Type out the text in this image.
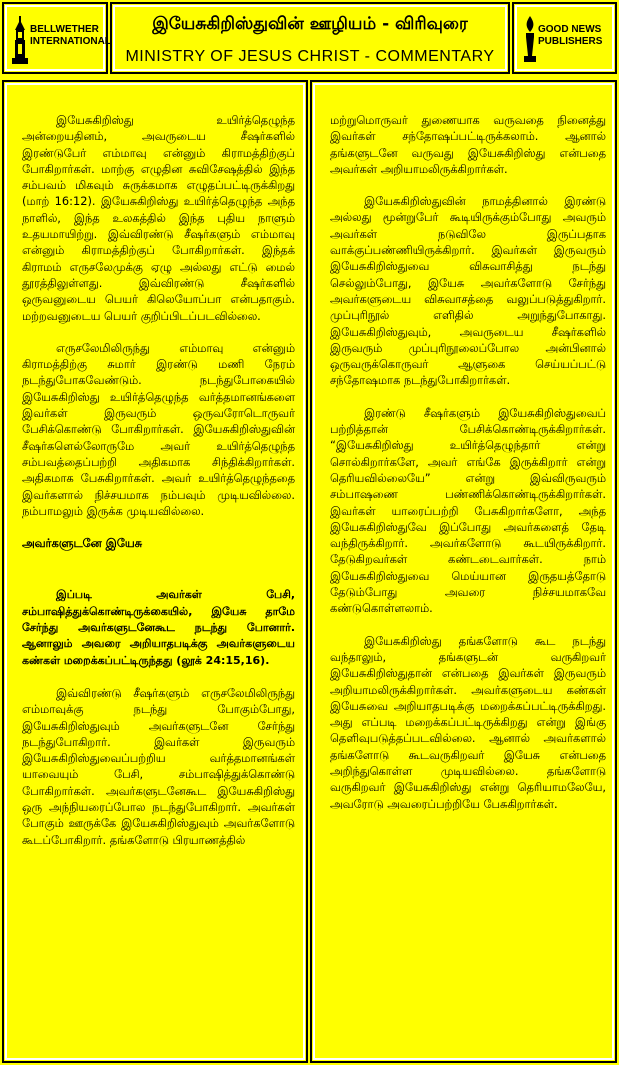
BELLWETHER
INTERNATIONAL
இயேசுகிறிஸ்துவின் ஊழியம் - விரிவுரை
MINISTRY OF JESUS CHRIST - COMMENTARY
GOOD NEWS
PUBLISHERS

இயேசுகிறிஸ்து உயிர்த்தெழுந்த அன்றையதினம், அவருடைய சீஷர்களில் இரண்டுபேர் எம்மாவு என்னும் கிராமத்திற்குப் போகிறார்கள். மாற்கு எழுதின சுவிசேஷத்தில் இந்த சம்பவம் மிகவும் சுருக்கமாக எழுதப்பட்டிருக்கிறது (மாற் 16:12). இயேசுகிறிஸ்து உயிர்த்தெழுந்த அந்த நாளில், இந்த உலகத்தில் இந்த புதிய நாளும் உதயமாயிற்று. இவ்விரண்டு சீஷர்களும் எம்மாவு என்னும் கிராமத்திற்குப் போகிறார்கள். இந்தக் கிராமம் எருசலேமுக்கு ஏழு அல்லது எட்டு மைல் தூரத்திலுள்ளது. இவ்விரண்டு சீஷர்களில் ஒருவனுடைய பெயர் கிலெயோப்பா என்பதாகும். மற்றவனுடைய பெயர் குறிப்பிடப்படவில்லை.

எருசலேமிலிருந்து எம்மாவு என்னும் கிராமத்திற்கு சுமார் இரண்டு மணி நேரம் நடந்துபோகவேண்டும். நடந்துபோகையில் இயேசுகிறிஸ்து உயிர்த்தெழுந்த வர்த்தமானங்களை இவர்கள் இருவரும் ஒருவரோடொருவர் பேசிக்கொண்டு போகிறார்கள். இயேசுகிறிஸ்துவின் சீஷர்களெல்லோருமே அவர் உயிர்த்தெழுந்த சம்பவத்தைப்பற்றி அதிகமாக சிந்திக்கிறார்கள். அதிகமாக பேசுகிறார்கள். அவர் உயிர்த்தெழுந்ததை இவர்களால் நிச்சயமாக நம்பவும் முடியவில்லை. நம்பாமலும் இருக்க முடியவில்லை.

அவர்களுடனே இயேசு

இப்படி அவர்கள் பேசி, சம்பாஷித்துக்கொண்டிருக்கையில், இயேசு தாமே சேர்ந்து அவர்களுடனேகூட நடந்து போனார். ஆனாலும் அவரை அறியாதபடிக்கு அவர்களுடைய கண்கள் மறைக்கப்பட்டிருந்தது (லூக் 24:15,16).

இவ்விரண்டு சீஷர்களும் எருசலேமிலிருந்து எம்மாவுக்கு நடந்து போகும்போது, இயேசுகிறிஸ்துவும் அவர்களுடனே சேர்ந்து நடந்துபோகிறார். இவர்கள் இருவரும் இயேசுகிறிஸ்துவைப்பற்றிய வர்த்தமானங்கள் யாவையும் பேசி, சம்பாஷித்துக்கொண்டு போகிறார்கள். அவர்களுடனேகூட இயேசுகிறிஸ்து ஒரு அந்நியரைப்போல நடந்துபோகிறார். அவர்கள் போகும் ஊருக்கே இயேசுகிறிஸ்துவும் அவர்களோடு கூடப்போகிறார். தங்களோடு பிரயாணத்தில்

மற்றுமொருவர் துணையாக வருவதை நினைத்து இவர்கள் சந்தோஷப்பட்டிருக்கலாம். ஆனால் தங்களுடனே வருவது இயேசுகிறிஸ்து என்பதை அவர்கள் அறியாமலிருக்கிறார்கள்.

இயேசுகிறிஸ்துவின் நாமத்தினால் இரண்டு அல்லது மூன்றுபேர் கூடியிருக்கும்போது அவரும் அவர்கள் நடுவிலே இருப்பதாக வாக்குப்பண்ணியிருக்கிறார். இவர்கள் இருவரும் இயேசுகிறிஸ்துவை விசுவாசித்து நடந்து செல்லும்போது, இயேசு அவர்களோடு சேர்ந்து அவர்களுடைய விசுவாசத்தை வலுப்படுத்துகிறார். முப்புரிநூல் எளிதில் அறுந்துபோகாது. இயேசுகிறிஸ்துவும், அவருடைய சீஷர்களில் இருவரும் முப்புரிநூலைப்போல அன்பினால் ஒருவருக்கொருவர் ஆளுகை செய்யப்பட்டு சந்தோஷமாக நடந்துபோகிறார்கள்.

இரண்டு சீஷர்களும் இயேசுகிறிஸ்துவைப் பற்றித்தான் பேசிக்கொண்டிருக்கிறார்கள். “இயேசுகிறிஸ்து உயிர்த்தெழுந்தார் என்று சொல்கிறார்களே, அவர் எங்கே இருக்கிறார் என்று தெரியவில்லையே” என்று இவ்விருவரும் சம்பாஷணை பண்ணிக்கொண்டிருக்கிறார்கள். இவர்கள் யாரைப்பற்றி பேசுகிறார்களோ, அந்த இயேசுகிறிஸ்துவே இப்போது அவர்களைத் தேடி வந்திருக்கிறார். அவர்களோடு கூடயிருக்கிறார். தேடுகிறவர்கள் கண்டடைவார்கள். நாம் இயேசுகிறிஸ்துவை மெய்யான இருதயத்தோடு தேடும்போது அவரை நிச்சயமாகவே கண்டுகொள்ளலாம்.

இயேசுகிறிஸ்து தங்களோடு கூட நடந்து வந்தாலும், தங்களுடன் வருகிறவர் இயேசுகிறிஸ்துதான் என்பதை இவர்கள் இருவரும் அறியாமலிருக்கிறார்கள். அவர்களுடைய கண்கள் இயேசுவை அறியாதபடிக்கு மறைக்கப்பட்டிருக்கிறது. அது எப்படி மறைக்கப்பட்டிருக்கிறது என்று இங்கு தெளிவுபடுத்தப்படவில்லை. ஆனால் அவர்களால் தங்களோடு கூடவருகிறவர் இயேசு என்பதை அறிந்துகொள்ள முடியவில்லை. தங்களோடு வருகிறவர் இயேசுகிறிஸ்து என்று தெரியாமலேயே, அவரோடு அவரைப்பற்றியே பேசுகிறார்கள்.
